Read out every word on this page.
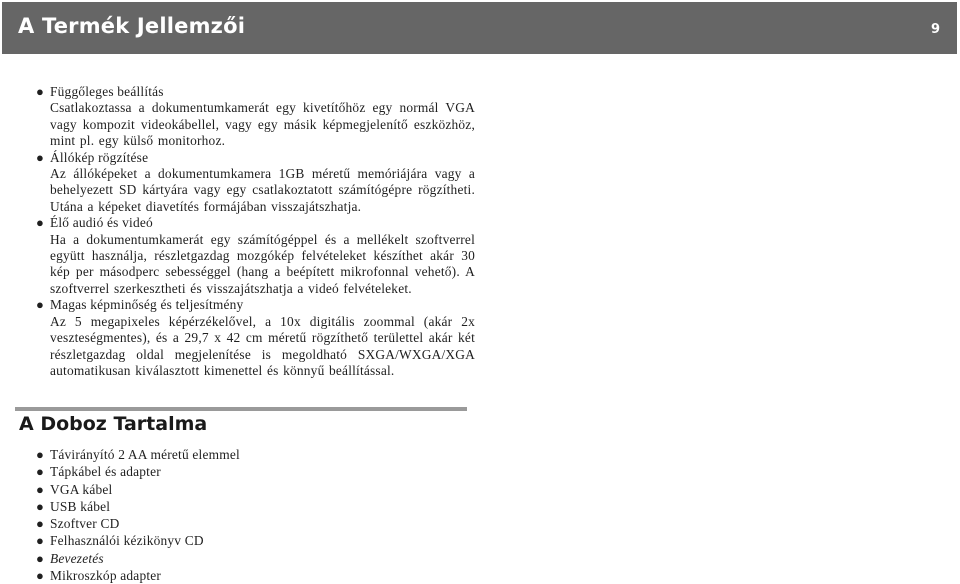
A Termék Jellemzői	9
● Függőleges beállítás
Csatlakoztassa a dokumentumkamerát egy kivetítőhöz egy normál VGA vagy kompozit videokábellel, vagy egy másik képmegjelenítő eszközhöz, mint pl. egy külső monitorhoz.
● Állókép rögzítése
Az állóképeket a dokumentumkamera 1GB méretű memóriájára vagy a behelyezett SD kártyára vagy egy csatlakoztatott számítógépre rögzítheti. Utána a képeket diavetítés formájában visszajátszhatja.
● Élő audió és videó
Ha a dokumentumkamerát egy számítógéppel és a mellékelt szoftverrel együtt használja, részletgazdag mozgókép felvételeket készíthet akár 30 kép per másodperc sebességgel (hang a beépített mikrofonnal vehető). A szoftverrel szerkesztheti és visszajátszhatja a videó felvételeket.
● Magas képminőség és teljesítmény
Az 5 megapixeles képérzékelővel, a 10x digitális zoommal (akár 2x veszteségmentes), és a 29,7 x 42 cm méretű rögzíthető területtel akár két részletgazdag oldal megjelenítése is megoldható SXGA/WXGA/XGA automatikusan kiválasztott kimenettel és könnyű beállítással.
A Doboz Tartalma
● Távirányító 2 AA méretű elemmel
● Tápkábel és adapter
● VGA kábel
● USB kábel
● Szoftver CD
● Felhasználói kézikönyv CD
● Bevezetés
● Mikroszkóp adapter
